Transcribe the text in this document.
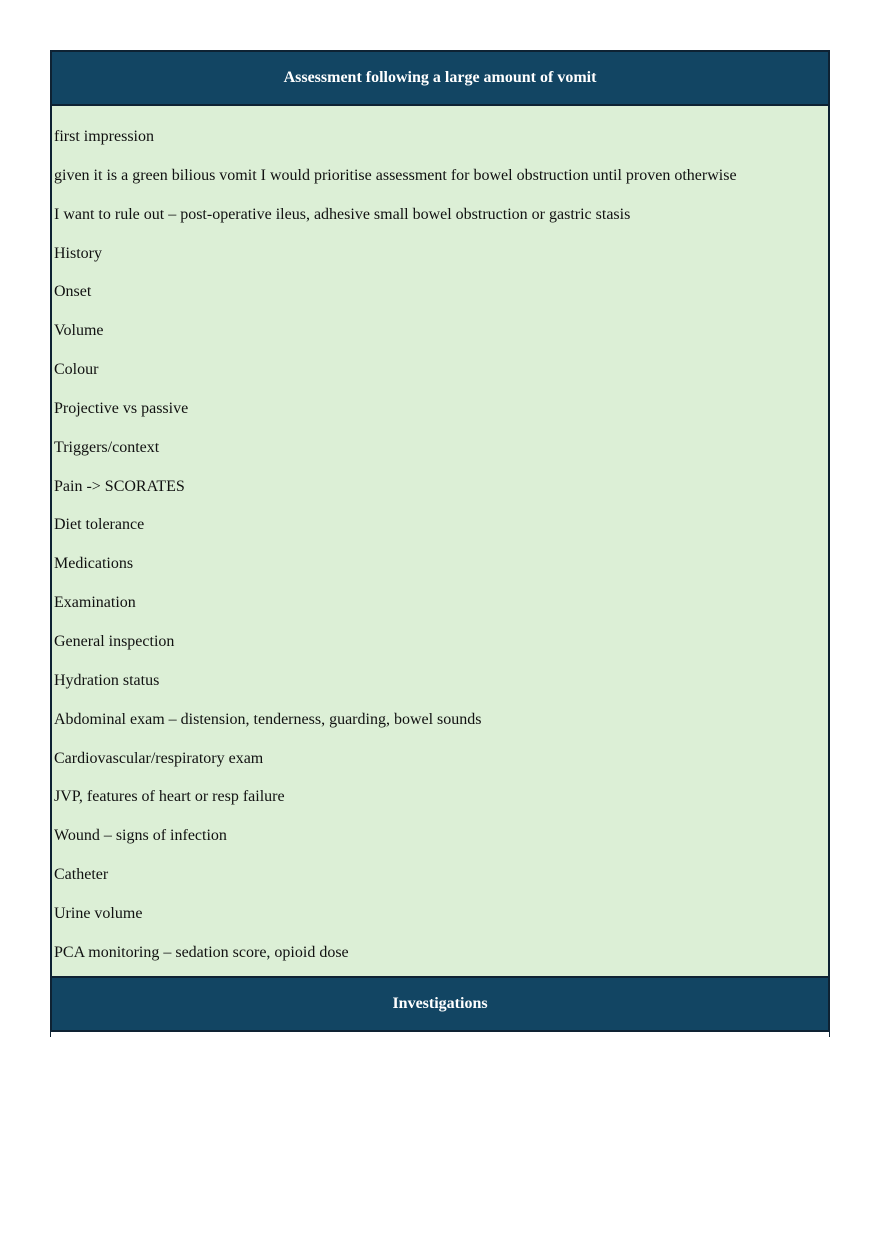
Assessment following a large amount of vomit
first impression
given it is a green bilious vomit I would prioritise assessment for bowel obstruction until proven otherwise
I want to rule out – post-operative ileus, adhesive small bowel obstruction or gastric stasis
History
Onset
Volume
Colour
Projective vs passive
Triggers/context
Pain -> SCORATES
Diet tolerance
Medications
Examination
General inspection
Hydration status
Abdominal exam – distension, tenderness, guarding, bowel sounds
Cardiovascular/respiratory exam
JVP, features of heart or resp failure
Wound – signs of infection
Catheter
Urine volume
PCA monitoring – sedation score, opioid dose
Investigations
